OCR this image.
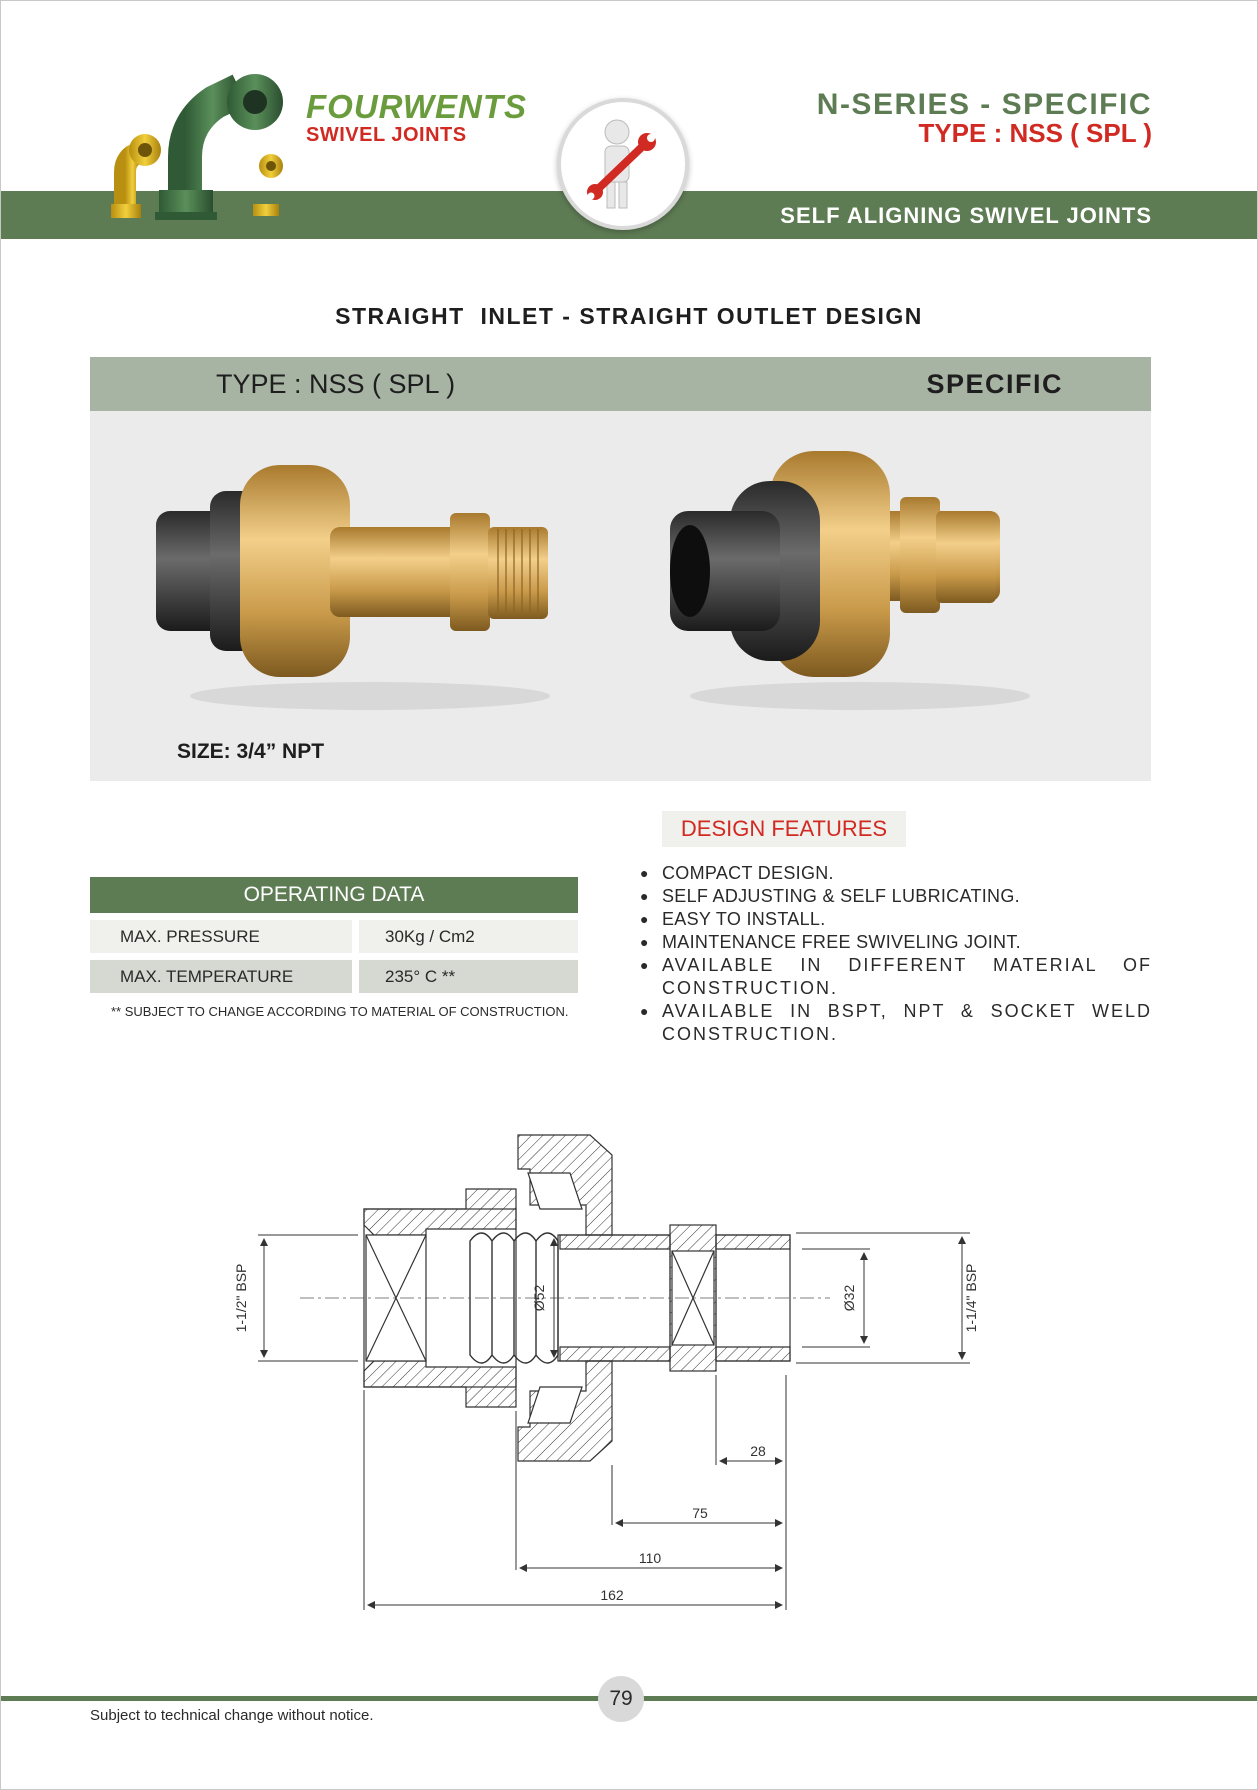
FOURWENTS
SWIVEL JOINTS
N-SERIES - SPECIFIC
TYPE : NSS ( SPL )
SELF ALIGNING SWIVEL JOINTS
STRAIGHT  INLET - STRAIGHT OUTLET DESIGN
TYPE : NSS ( SPL )	SPECIFIC
SIZE: 3/4” NPT
OPERATING DATA
MAX. PRESSURE	30Kg / Cm2
MAX. TEMPERATURE	235° C **
** SUBJECT TO CHANGE ACCORDING TO MATERIAL OF CONSTRUCTION.
DESIGN FEATURES
● COMPACT DESIGN.
● SELF ADJUSTING & SELF LUBRICATING.
● EASY TO INSTALL.
● MAINTENANCE FREE SWIVELING JOINT.
● AVAILABLE IN DIFFERENT MATERIAL OF CONSTRUCTION.
● AVAILABLE IN BSPT, NPT & SOCKET WELD CONSTRUCTION.
1-1/2" BSP	1-1/4" BSP
Ø52	Ø32
28
75
110
162
79
Subject to technical change without notice.
